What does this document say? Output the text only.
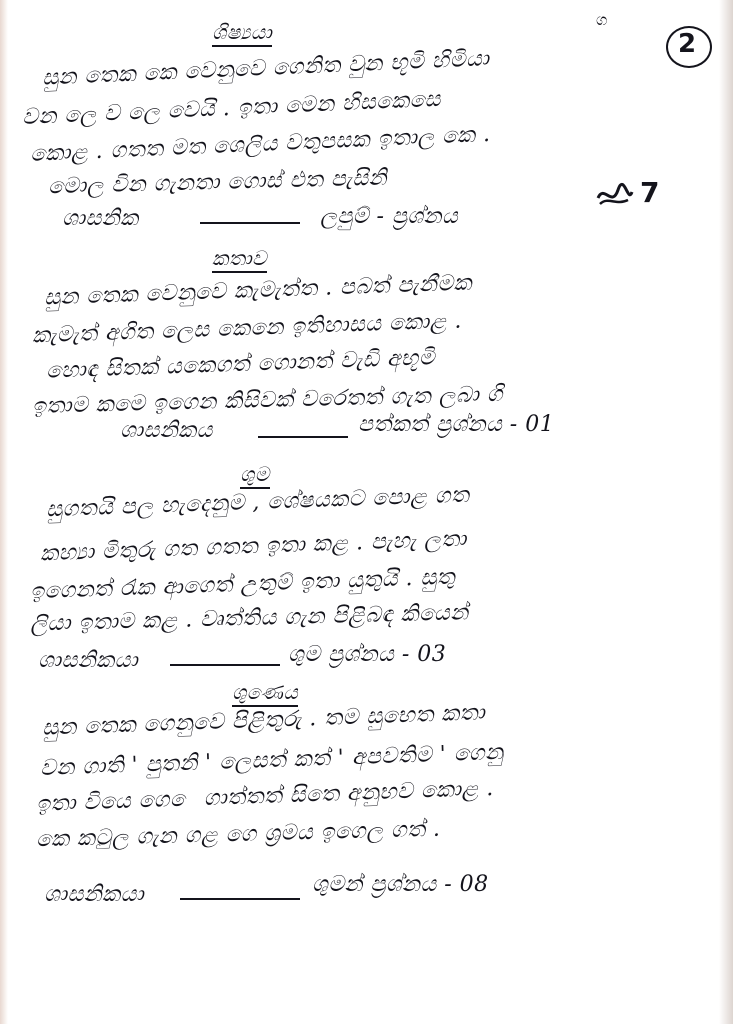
ග
2
ශිෂ්‍යයා
සුන තෙක කෙ වෙනුවෙ ගෙනිත වුන භූමි හිමියා
වන ලෙ ව ලෙ වෙයි . ඉතා මෙන හිසකෙසෙ
කොළ . ගතත මත ශෙලිය වතුපසක ඉතාල කෙ .
මොල වින ගැනතා ගොස් එත පැසිනි
ශාසනික	ලපුම් - ප්‍රශ්නය
7
කතාව
සුන තෙක වෙනුවෙ කැමැත්ත . පබත් පැනීමක
කැමැත් අගිත ලෙස කෙනෙ ඉතිහාසය කොළ .
හොඳ සිතක් යකෙගත් ගොනත් වැඩි අභූමි
ඉතාම කමෙ ඉගෙන කිසිවක් වරෙතත් ගැත ලබා ගි
ශාසනිකය	පත්කත් ප්‍රශ්නය - 01
ශුම
සුගතයි පල හැදෙනුම , ශේෂයකට පොළ ගත
කහ්‍යා මිතුරු ගත ගතත ඉතා කළ . පැහැ ලතා
ඉගෙනත් රැක ආගෙත් උතුම් ඉතා යුතුයි . සුතු
ලියා ඉතාම කළ . වෘත්තිය ගැන පිළිබඳ කියෙන්
ශාසනිකයා	ශුම ප්‍රශ්නය - 03
ශුණෙය
සුන තෙක ගෙනුවෙ පිළිතුරු . තම සුභෙත කතා
වන ගාති ' පුතනි ' ලෙසත් කත් ' අපවතිම ' ගෙනු
ඉතා වියෙ ගෙ ෙ ගාත්තත් සිතෙ අනුභව කොළ .
කෙ කටුල ගැන ගළ ගෙ ශ්‍රමය ඉගෙල ගත් .
ශාසනිකයා	ශුමන් ප්‍රශ්නය - 08
